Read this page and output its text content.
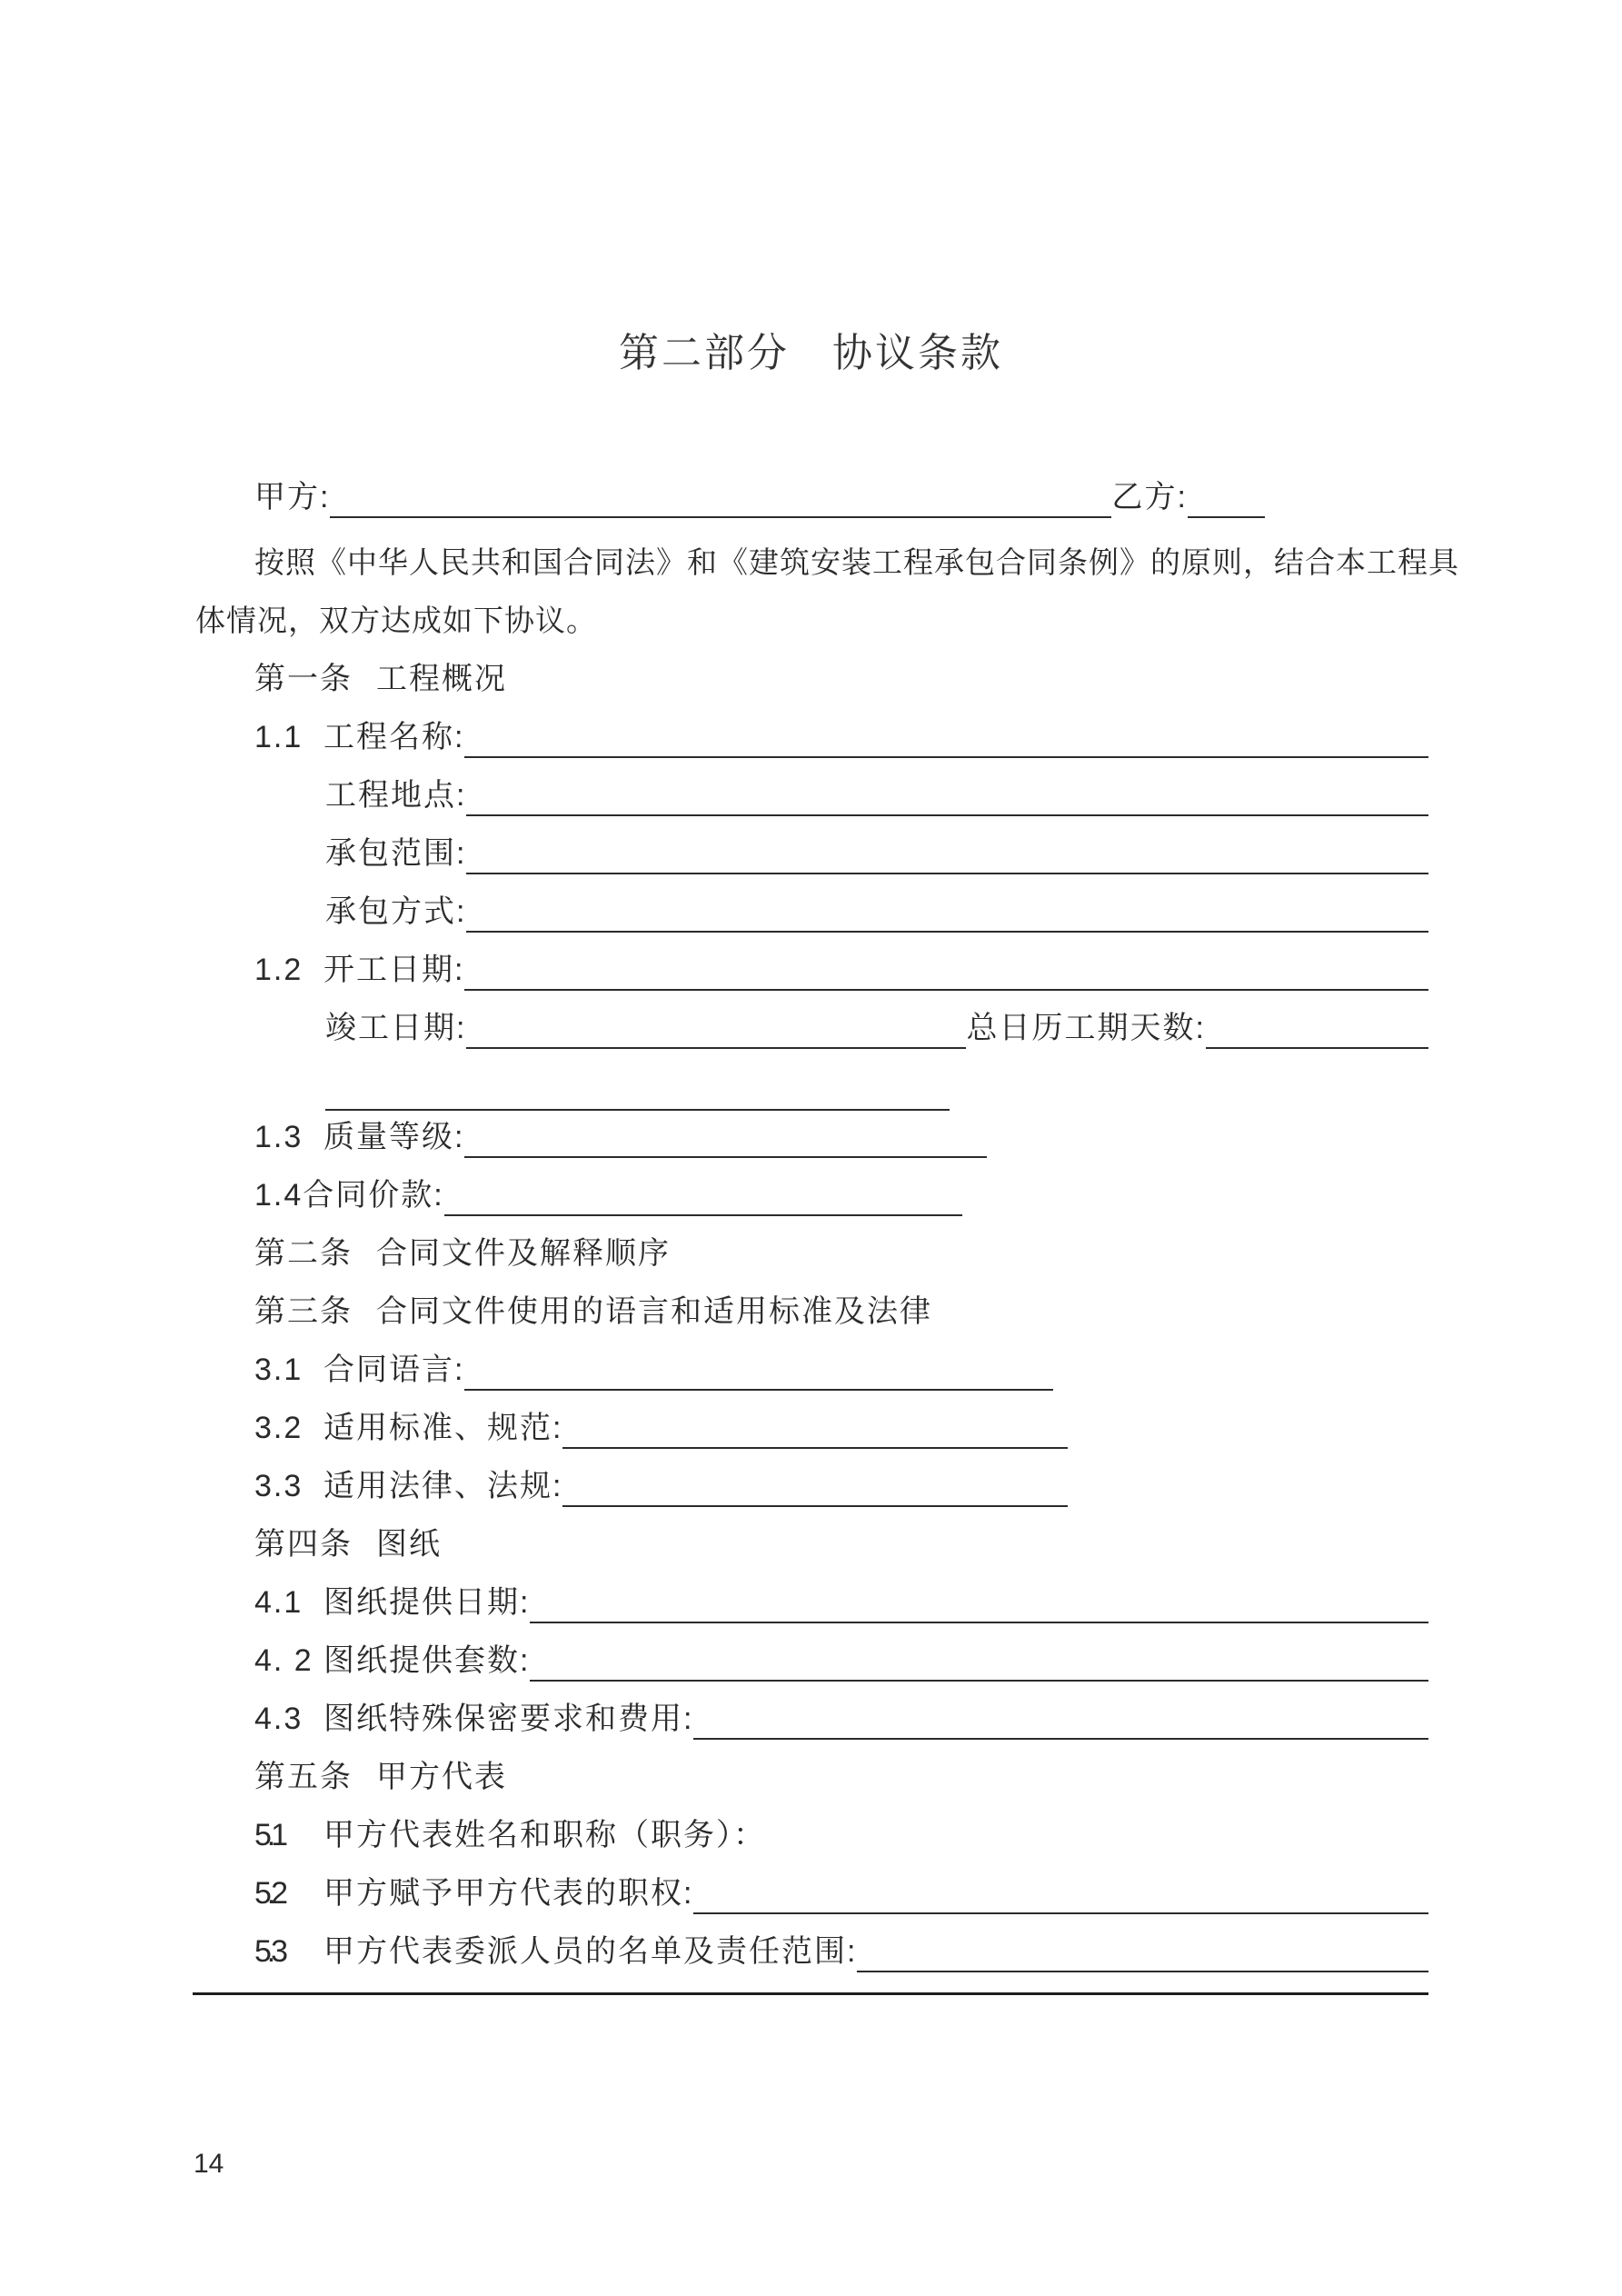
第二部分　协议条款
甲方:	乙方:
按照《中华人民共和国合同法》和《建筑安装工程承包合同条例》的原则，结合本工程具
体情况，双方达成如下协议。
第一条 工程概况
1.1 工程名称:
工程地点:
承包范围:
承包方式:
1.2 开工日期:
竣工日期:	总日历工期天数:
1.3 质量等级:
1.4 合同价款:
第二条 合同文件及解释顺序
第三条 合同文件使用的语言和适用标准及法律
3.1 合同语言:
3.2 适用标准、规范:
3.3 适用法律、法规:
第四条 图纸
4.1 图纸提供日期:
4. 2 图纸提供套数:
4.3 图纸特殊保密要求和费用:
第五条 甲方代表
5.1	甲方代表姓名和职称（职务）：
5.2	甲方赋予甲方代表的职权:
5.3	甲方代表委派人员的名单及责任范围:
14
